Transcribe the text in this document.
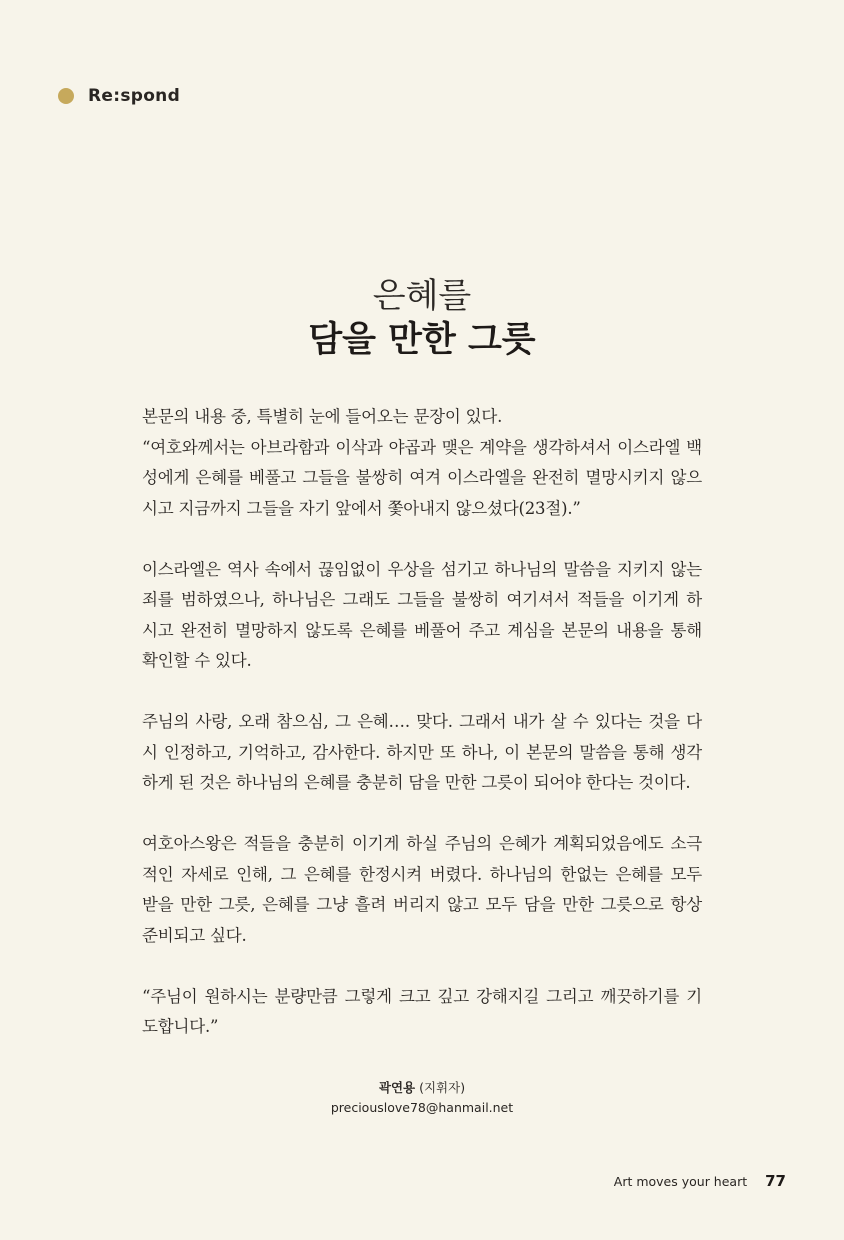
Re:spond
은혜를
담을 만한 그릇
본문의 내용 중, 특별히 눈에 들어오는 문장이 있다.
“여호와께서는 아브라함과 이삭과 야곱과 맺은 계약을 생각하셔서 이스라엘 백
성에게 은혜를 베풀고 그들을 불쌍히 여겨 이스라엘을 완전히 멸망시키지 않으
시고 지금까지 그들을 자기 앞에서 쫓아내지 않으셨다(23절).”
이스라엘은 역사 속에서 끊임없이 우상을 섬기고 하나님의 말씀을 지키지 않는
죄를 범하였으나, 하나님은 그래도 그들을 불쌍히 여기셔서 적들을 이기게 하
시고 완전히 멸망하지 않도록 은혜를 베풀어 주고 계심을 본문의 내용을 통해
확인할 수 있다.
주님의 사랑, 오래 참으심, 그 은혜…. 맞다. 그래서 내가 살 수 있다는 것을 다
시 인정하고, 기억하고, 감사한다. 하지만 또 하나, 이 본문의 말씀을 통해 생각
하게 된 것은 하나님의 은혜를 충분히 담을 만한 그릇이 되어야 한다는 것이다.
여호아스왕은 적들을 충분히 이기게 하실 주님의 은혜가 계획되었음에도 소극
적인 자세로 인해, 그 은혜를 한정시켜 버렸다. 하나님의 한없는 은혜를 모두
받을 만한 그릇, 은혜를 그냥 흘려 버리지 않고 모두 담을 만한 그릇으로 항상
준비되고 싶다.
“주님이 원하시는 분량만큼 그렇게 크고 깊고 강해지길 그리고 깨끗하기를 기
도합니다.”
곽연용 (지휘자)
preciouslove78@hanmail.net
Art moves your heart 77
